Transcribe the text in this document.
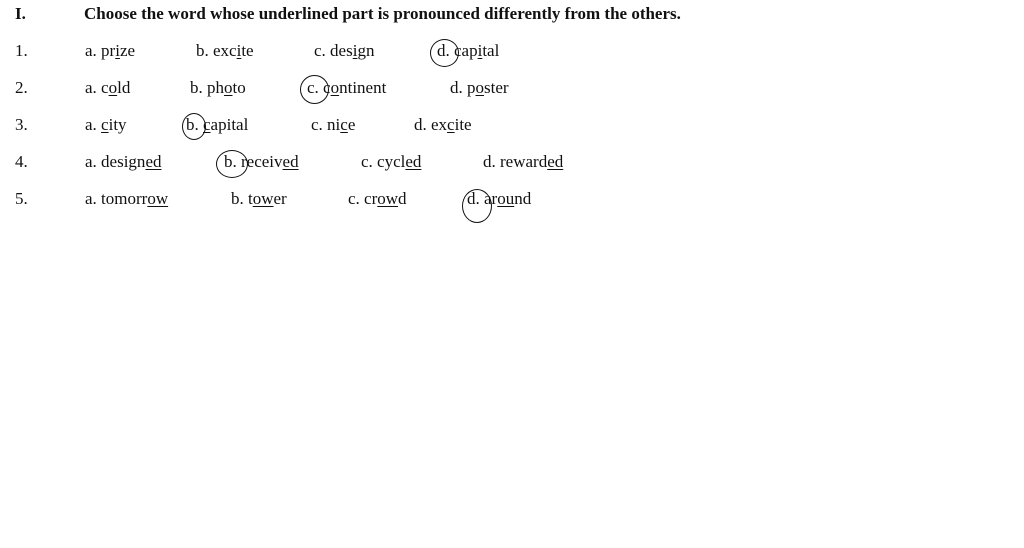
I.	Choose the word whose underlined part is pronounced differently from the others.
1.	a. prize	b. excite	c. design	d. capital
2.	a. cold	b. photo	c. continent	d. poster
3.	a. city	b. capital	c. nice	d. excite
4.	a. designed	b. received	c. cycled	d. rewarded
5.	a. tomorrow	b. tower	c. crowd	d. around
